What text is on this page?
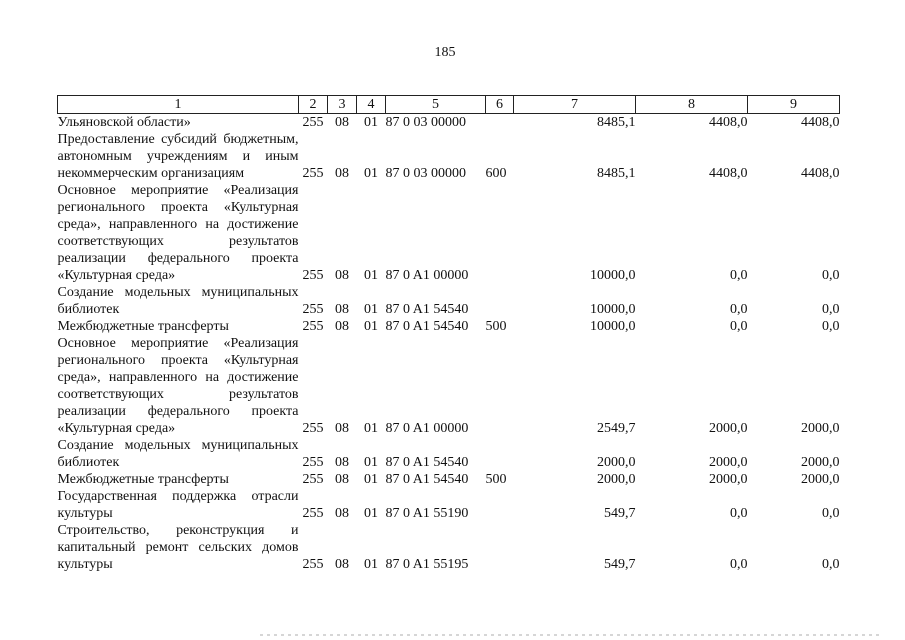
185
1	2	3	4	5	6	7	8	9
Ульяновской области»	255	08	01	87 0 03 00000		8485,1	4408,0	4408,0
Предоставление субсидий бюджетным, автономным учреждениям и иным некоммерческим организациям	255	08	01	87 0 03 00000	600	8485,1	4408,0	4408,0
Основное мероприятие «Реализация регионального проекта «Культурная среда», направленного на достижение соответствующих результатов реализации федерального проекта «Культурная среда»	255	08	01	87 0 A1 00000		10000,0	0,0	0,0
Создание модельных муниципальных библиотек	255	08	01	87 0 A1 54540		10000,0	0,0	0,0
Межбюджетные трансферты	255	08	01	87 0 A1 54540	500	10000,0	0,0	0,0
Основное мероприятие «Реализация регионального проекта «Культурная среда», направленного на достижение соответствующих результатов реализации федерального проекта «Культурная среда»	255	08	01	87 0 A1 00000		2549,7	2000,0	2000,0
Создание модельных муниципальных библиотек	255	08	01	87 0 A1 54540		2000,0	2000,0	2000,0
Межбюджетные трансферты	255	08	01	87 0 A1 54540	500	2000,0	2000,0	2000,0
Государственная поддержка отрасли культуры	255	08	01	87 0 A1 55190		549,7	0,0	0,0
Строительство, реконструкция и капитальный ремонт сельских домов культуры	255	08	01	87 0 A1 55195		549,7	0,0	0,0
